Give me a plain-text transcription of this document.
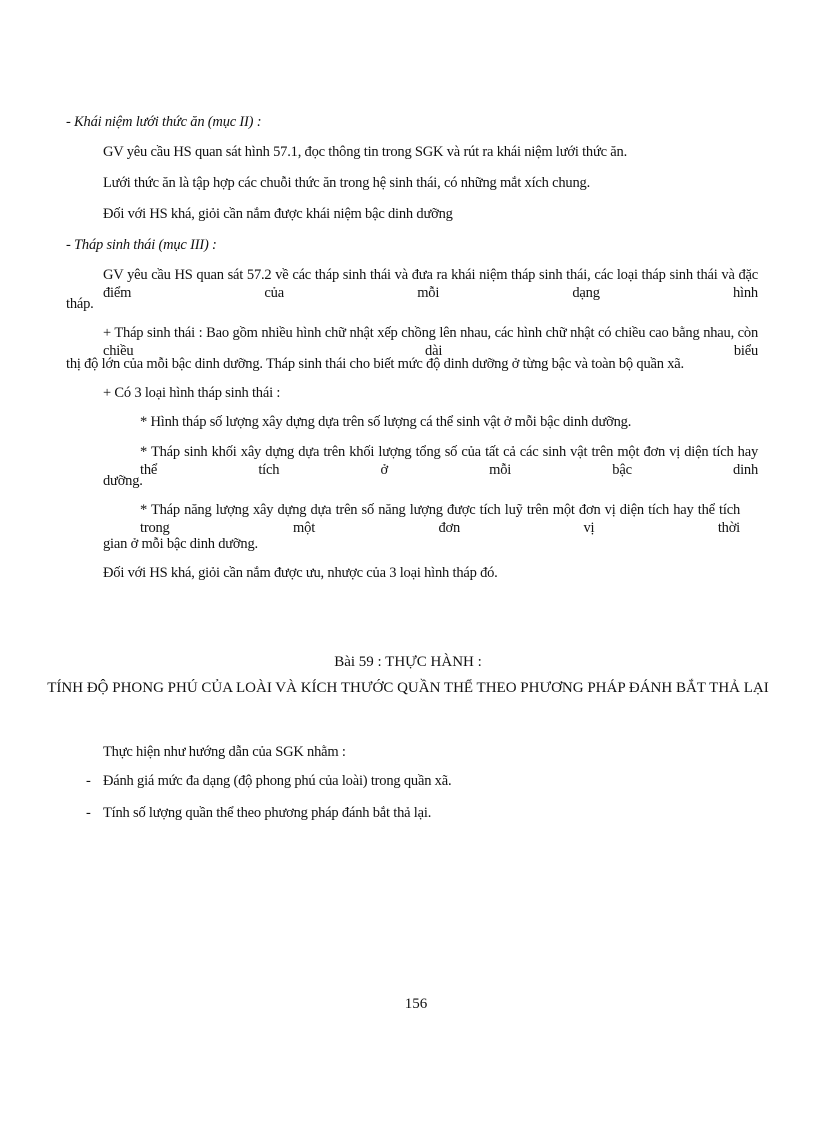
- Khái niệm lưới thức ăn (mục II) :
GV yêu cầu HS quan sát hình 57.1, đọc thông tin trong SGK và rút ra khái niệm lưới thức ăn.
Lưới thức ăn là tập hợp các chuỗi thức ăn trong hệ sinh thái, có những mắt xích chung.
Đối với HS khá, giỏi cần nắm được khái niệm bậc dinh dưỡng
- Tháp sinh thái (mục III) :
GV yêu cầu HS quan sát 57.2 về các tháp sinh thái và đưa ra khái niệm tháp sinh thái, các loại tháp sinh thái và đặc điểm của mỗi dạng hình
tháp.
+ Tháp sinh thái : Bao gồm nhiều hình chữ nhật xếp chồng lên nhau, các hình chữ nhật có chiều cao bằng nhau, còn chiều dài biểu
thị độ lớn của mỗi bậc dinh dưỡng. Tháp sinh thái cho biết mức độ dinh dưỡng ở từng bậc và toàn bộ quần xã.
+ Có 3 loại hình tháp sinh thái :
* Hình tháp số lượng xây dựng dựa trên số lượng cá thể sinh vật ở mỗi bậc dinh dưỡng.
* Tháp sinh khối xây dựng dựa trên khối lượng tổng số của tất cả các sinh vật trên một đơn vị diện tích hay thể tích ở mỗi bậc dinh
dưỡng.
* Tháp năng lượng xây dựng dựa trên số năng lượng được tích luỹ trên một đơn vị diện tích hay thể tích trong một đơn vị thời
gian ở mỗi bậc dinh dưỡng.
Đối với HS khá, giỏi cần nắm được ưu, nhược của 3 loại hình tháp đó.
Bài 59 : THỰC HÀNH :
TÍNH ĐỘ PHONG PHÚ CỦA LOÀI VÀ KÍCH THƯỚC QUẦN THỂ THEO PHƯƠNG PHÁP ĐÁNH BẮT THẢ LẠI
Thực hiện như hướng dẫn của SGK nhằm :
- Đánh giá mức đa dạng (độ phong phú của loài) trong quần xã.
- Tính số lượng quần thể theo phương pháp đánh bắt thả lại.
156
